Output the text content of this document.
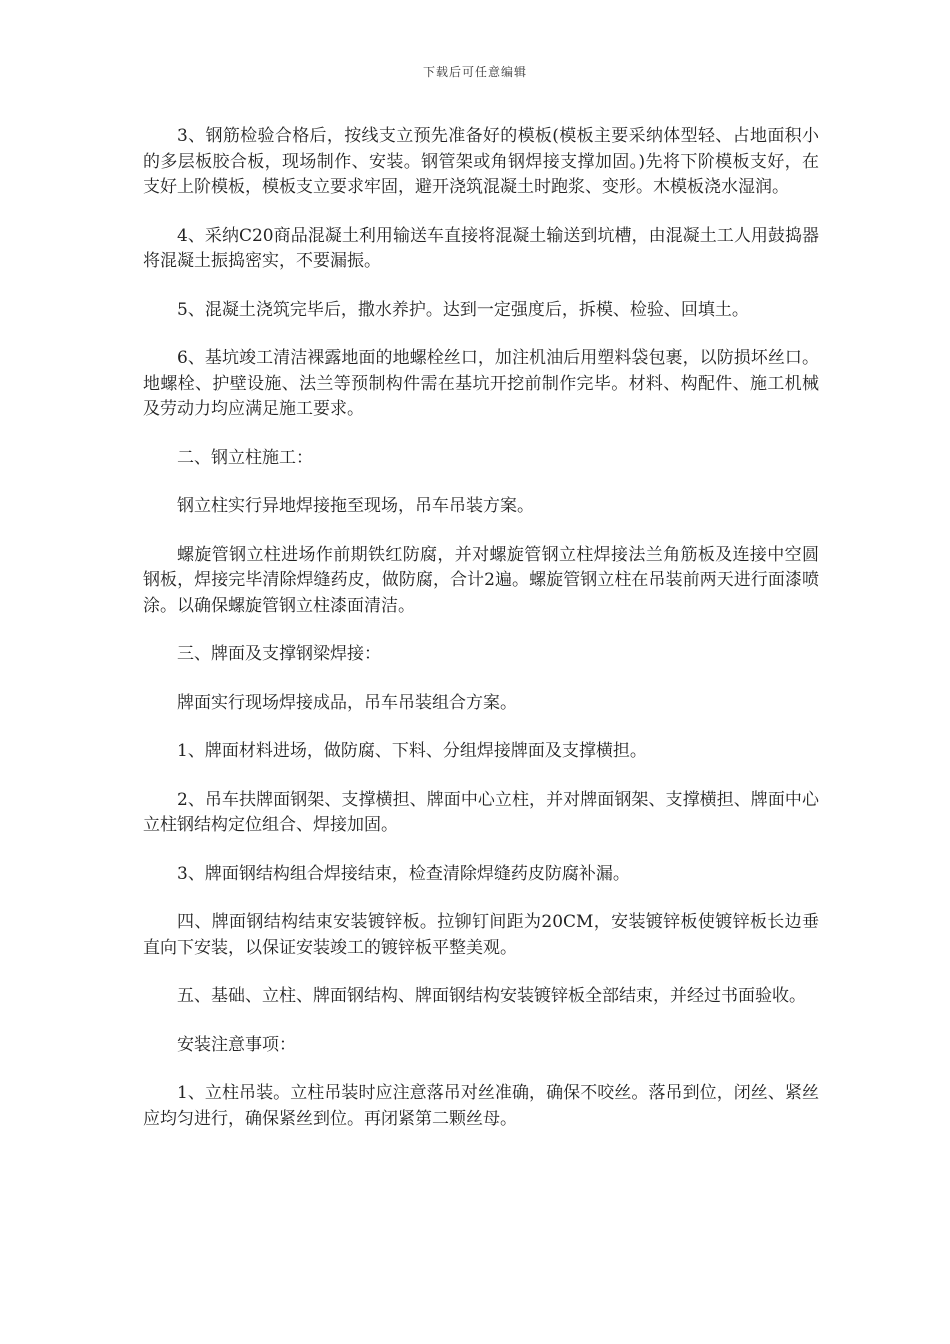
下载后可任意编辑

3、钢筋检验合格后，按线支立预先准备好的模板(模板主要采纳体型轻、占地面积小的多层板胶合板，现场制作、安装。钢管架或角钢焊接支撑加固。)先将下阶模板支好，在支好上阶模板，模板支立要求牢固，避开浇筑混凝土时跑浆、变形。木模板浇水湿润。

4、采纳C20商品混凝土利用输送车直接将混凝土输送到坑槽，由混凝土工人用鼓捣器将混凝土振捣密实，不要漏振。

5、混凝土浇筑完毕后，撒水养护。达到一定强度后，拆模、检验、回填土。

6、基坑竣工清洁裸露地面的地螺栓丝口，加注机油后用塑料袋包裹，以防损坏丝口。地螺栓、护壁设施、法兰等预制构件需在基坑开挖前制作完毕。材料、构配件、施工机械及劳动力均应满足施工要求。

二、钢立柱施工：

钢立柱实行异地焊接拖至现场，吊车吊装方案。

螺旋管钢立柱进场作前期铁红防腐，并对螺旋管钢立柱焊接法兰角筋板及连接中空圆钢板，焊接完毕清除焊缝药皮，做防腐，合计2遍。螺旋管钢立柱在吊装前两天进行面漆喷涂。以确保螺旋管钢立柱漆面清洁。

三、牌面及支撑钢梁焊接：

牌面实行现场焊接成品，吊车吊装组合方案。

1、牌面材料进场，做防腐、下料、分组焊接牌面及支撑横担。

2、吊车扶牌面钢架、支撑横担、牌面中心立柱，并对牌面钢架、支撑横担、牌面中心立柱钢结构定位组合、焊接加固。

3、牌面钢结构组合焊接结束，检查清除焊缝药皮防腐补漏。

四、牌面钢结构结束安装镀锌板。拉铆钉间距为20CM，安装镀锌板使镀锌板长边垂直向下安装，以保证安装竣工的镀锌板平整美观。

五、基础、立柱、牌面钢结构、牌面钢结构安装镀锌板全部结束，并经过书面验收。

安装注意事项：

1、立柱吊装。立柱吊装时应注意落吊对丝准确，确保不咬丝。落吊到位，闭丝、紧丝应均匀进行，确保紧丝到位。再闭紧第二颗丝母。
